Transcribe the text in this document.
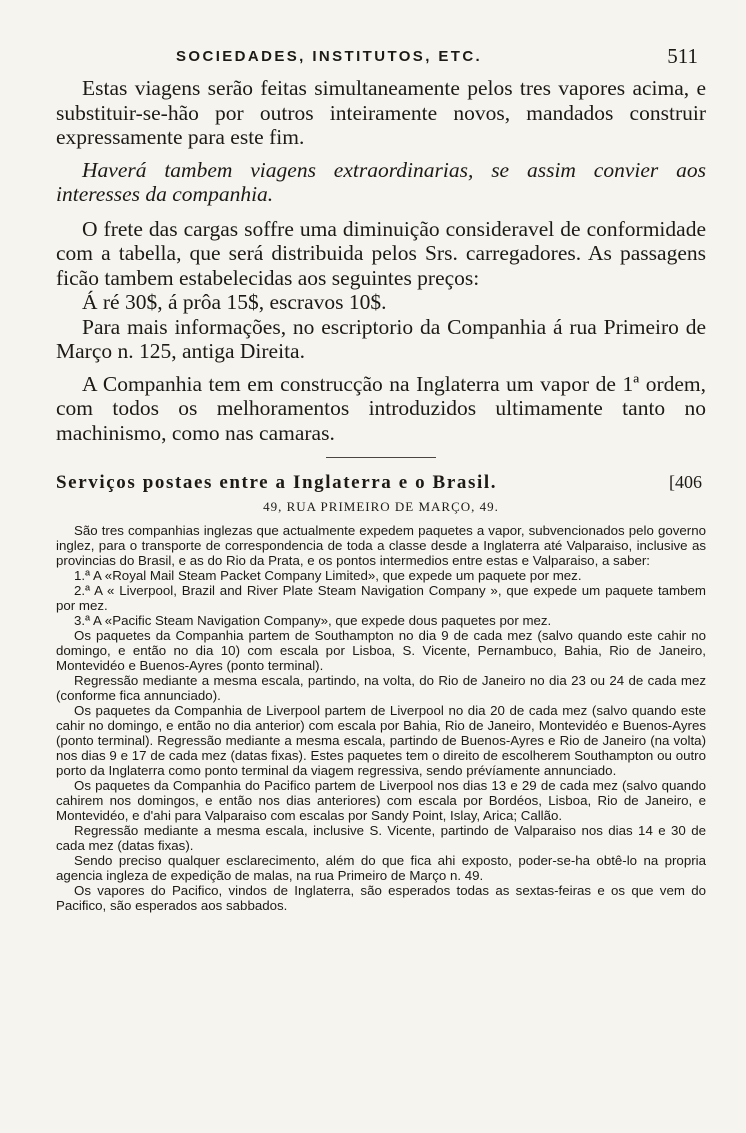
SOCIEDADES, INSTITUTOS, ETC.	511

Estas viagens serão feitas simultaneamente pelos tres vapores acima, e substituir-se-hão por outros inteiramente novos, mandados construir expressamente para este fim.

Haverá tambem viagens extraordinarias, se assim convier aos interesses da companhia.

O frete das cargas soffre uma diminuição consideravel de conformidade com a tabella, que será distribuida pelos Srs. carregadores. As passagens ficão tambem estabelecidas aos seguintes preços:

Á ré 30$, á prôa 15$, escravos 10$.

Para mais informações, no escriptorio da Companhia á rua Primeiro de Março n. 125, antiga Direita.

A Companhia tem em construcção na Inglaterra um vapor de 1ª ordem, com todos os melhoramentos introduzidos ultimamente tanto no machinismo, como nas camaras.

Serviços postaes entre a Inglaterra e o Brasil.	[406
49, RUA PRIMEIRO DE MARÇO, 49.

São tres companhias inglezas que actualmente expedem paquetes a vapor, subvencionados pelo governo inglez, para o transporte de correspondencia de toda a classe desde a Inglaterra até Valparaiso, inclusive as provincias do Brasil, e as do Rio da Prata, e os pontos intermedios entre estas e Valparaiso, a saber:

1.ª A «Royal Mail Steam Packet Company Limited», que expede um paquete por mez.

2.ª A « Liverpool, Brazil and River Plate Steam Navigation Company », que expede um paquete tambem por mez.

3.ª A «Pacific Steam Navigation Company», que expede dous paquetes por mez.

Os paquetes da Companhia partem de Southampton no dia 9 de cada mez (salvo quando este cahir no domingo, e então no dia 10) com escala por Lisboa, S. Vicente, Pernambuco, Bahia, Rio de Janeiro, Montevidéo e Buenos-Ayres (ponto terminal).

Regressão mediante a mesma escala, partindo, na volta, do Rio de Janeiro no dia 23 ou 24 de cada mez (conforme fica annunciado).

Os paquetes da Companhia de Liverpool partem de Liverpool no dia 20 de cada mez (salvo quando este cahir no domingo, e então no dia anterior) com escala por Bahia, Rio de Janeiro, Montevidéo e Buenos-Ayres (ponto terminal). Regressão mediante a mesma escala, partindo de Buenos-Ayres e Rio de Janeiro (na volta) nos dias 9 e 17 de cada mez (datas fixas). Estes paquetes tem o direito de escolherem Southampton ou outro porto da Inglaterra como ponto terminal da viagem regressiva, sendo prévíamente annunciado.

Os paquetes da Companhia do Pacifico partem de Liverpool nos dias 13 e 29 de cada mez (salvo quando cahirem nos domingos, e então nos dias anteriores) com escala por Bordéos, Lisboa, Rio de Janeiro, e Montevidéo, e d'ahi para Valparaiso com escalas por Sandy Point, Islay, Arica; Callão.

Regressão mediante a mesma escala, inclusive S. Vicente, partindo de Valparaiso nos dias 14 e 30 de cada mez (datas fixas).

Sendo preciso qualquer esclarecimento, além do que fica ahi exposto, poder-se-ha obtê-lo na propria agencia ingleza de expedição de malas, na rua Primeiro de Março n. 49.

Os vapores do Pacifico, vindos de Inglaterra, são esperados todas as sextas-feiras e os que vem do Pacifico, são esperados aos sabbados.
